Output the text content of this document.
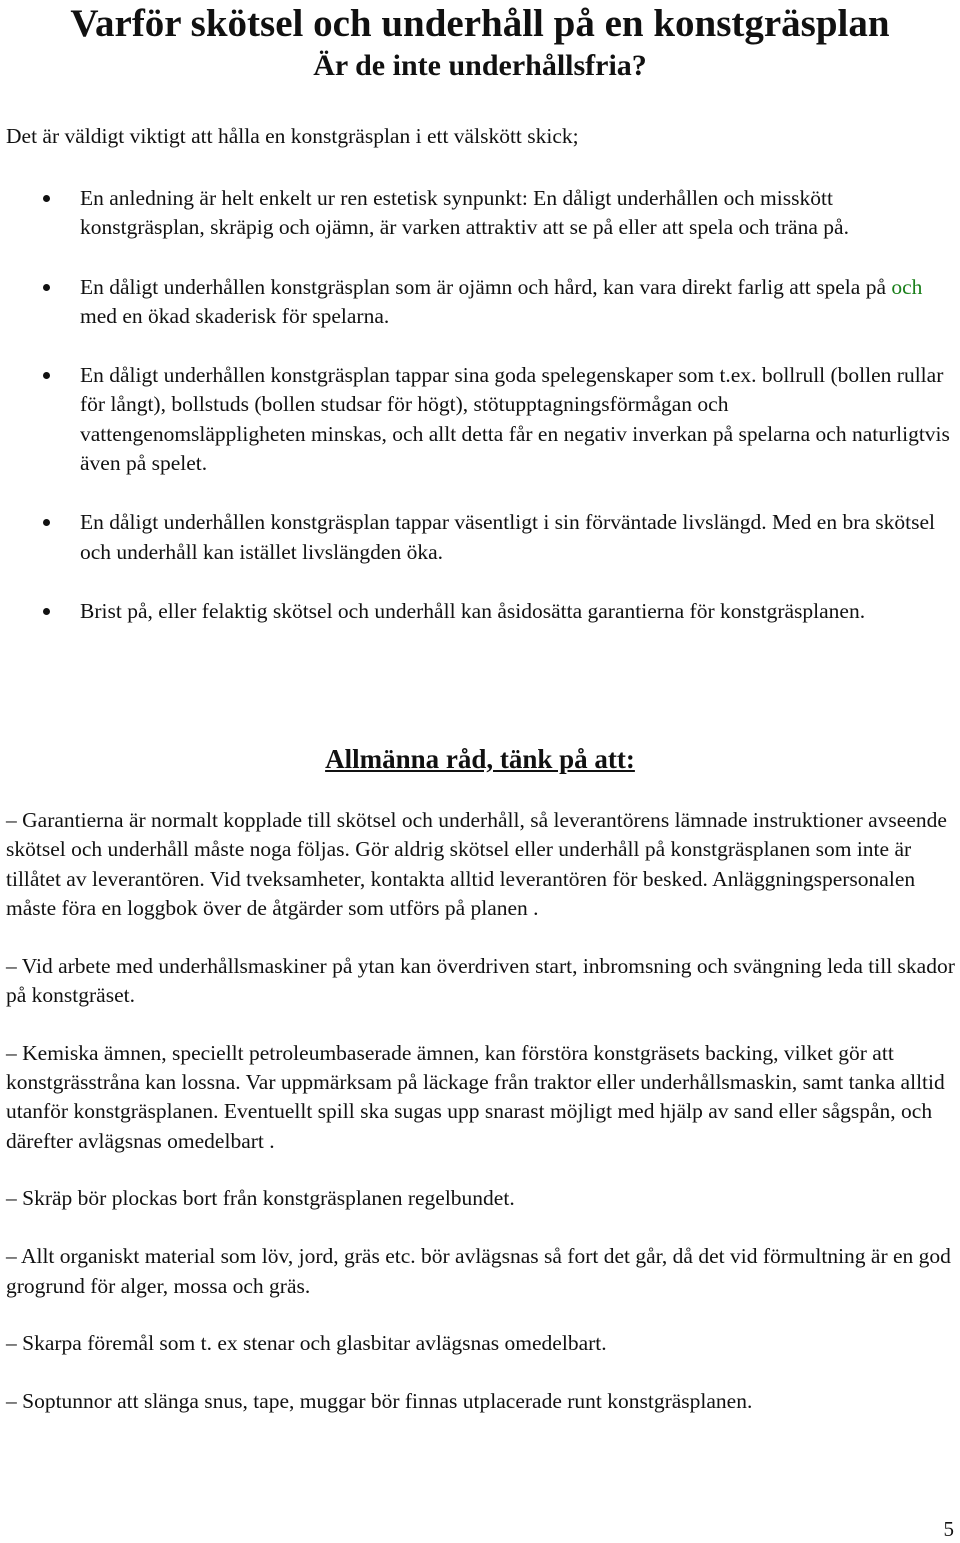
Varför skötsel och underhåll på en konstgräsplan
Är de inte underhållsfria?

Det är väldigt viktigt att hålla en konstgräsplan i ett välskött skick;

En anledning är helt enkelt ur ren estetisk synpunkt: En dåligt underhållen och misskött konstgräsplan, skräpig och ojämn, är varken attraktiv att se på eller att spela och träna på.
En dåligt underhållen konstgräsplan som är ojämn och hård, kan vara direkt farlig att spela på och med en ökad skaderisk för spelarna.
En dåligt underhållen konstgräsplan tappar sina goda spelegenskaper som t.ex. bollrull (bollen rullar för långt), bollstuds (bollen studsar för högt), stötupptagningsförmågan och vattengenomsläppligheten minskas, och allt detta får en negativ inverkan på spelarna och naturligtvis även på spelet.
En dåligt underhållen konstgräsplan tappar väsentligt i sin förväntade livslängd. Med en bra skötsel och underhåll kan istället livslängden öka.
Brist på, eller felaktig skötsel och underhåll kan åsidosätta garantierna för konstgräsplanen.
Allmänna råd, tänk på att:
– Garantierna är normalt kopplade till skötsel och underhåll, så leverantörens lämnade instruktioner avseende skötsel och underhåll måste noga följas. Gör aldrig skötsel eller underhåll på konstgräsplanen som inte är tillåtet av leverantören. Vid tveksamheter, kontakta alltid leverantören för besked. Anläggningspersonalen måste föra en loggbok över de åtgärder som utförs på planen .
– Vid arbete med underhållsmaskiner på ytan kan överdriven start, inbromsning och svängning leda till skador på konstgräset.
– Kemiska ämnen, speciellt petroleumbaserade ämnen, kan förstöra konstgräsets backing, vilket gör att konstgrässtråna kan lossna. Var uppmärksam på läckage från traktor eller underhållsmaskin, samt tanka alltid utanför konstgräsplanen. Eventuellt spill ska sugas upp snarast möjligt med hjälp av sand eller sågspån, och därefter avlägsnas omedelbart .
– Skräp bör plockas bort från konstgräsplanen regelbundet.
– Allt organiskt material som löv, jord, gräs etc. bör avlägsnas så fort det går, då det vid förmultning är en god grogrund för alger, mossa och gräs.
– Skarpa föremål som t. ex stenar och glasbitar avlägsnas omedelbart.
– Soptunnor att slänga snus, tape, muggar bör finnas utplacerade runt konstgräsplanen.
5
